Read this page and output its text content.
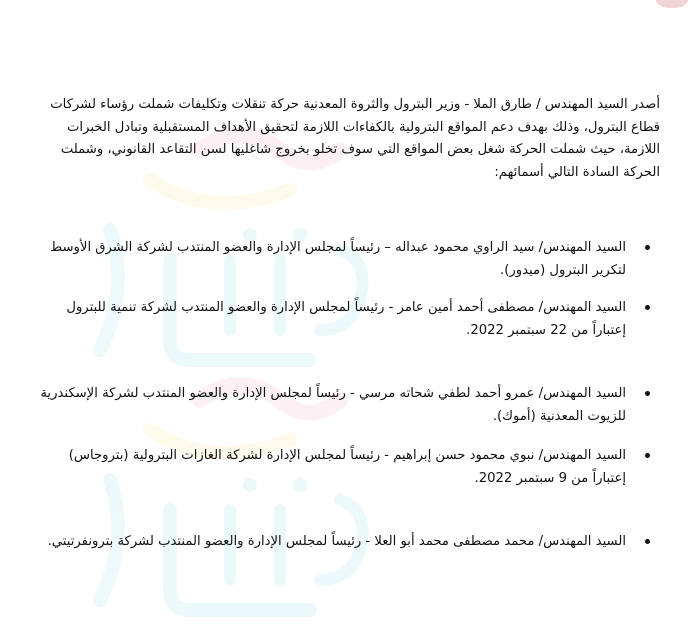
أصدر السيد المهندس / طارق الملا - وزير البترول والثروة المعدنية حركة تنقلات وتكليفات شملت رؤساء لشركات قطاع البترول، وذلك بهدف دعم المواقع البترولية بالكفاءات اللازمة لتحقيق الأهداف المستقبلية وتبادل الخبرات اللازمة، حيث شملت الحركة شغل بعض المواقع التي سوف تخلو بخروج شاغليها لسن التقاعد القانوني، وشملت الحركة السادة التالي أسمائهم:

السيد المهندس/ سيد الراوي محمود عبداله – رئيساً لمجلس الإدارة والعضو المنتدب لشركة الشرق الأوسط لتكرير البترول (ميدور).
السيد المهندس/ مصطفى أحمد أمين عامر - رئيساً لمجلس الإدارة والعضو المنتدب لشركة تنمية للبترول إعتباراً من 22 سبتمبر 2022.
السيد المهندس/ عمرو أحمد لطفي شحاته مرسي - رئيساً لمجلس الإدارة والعضو المنتدب لشركة الإسكندرية للزيوت المعدنية (أموك).
السيد المهندس/ نبوي محمود حسن إبراهيم - رئيساً لمجلس الإدارة لشركة الغازات البترولية (بتروجاس) إعتباراً من 9 سبتمبر 2022.
السيد المهندس/ محمد مصطفى محمد أبو العلا - رئيساً لمجلس الإدارة والعضو المنتدب لشركة بترونفرتيتي.
